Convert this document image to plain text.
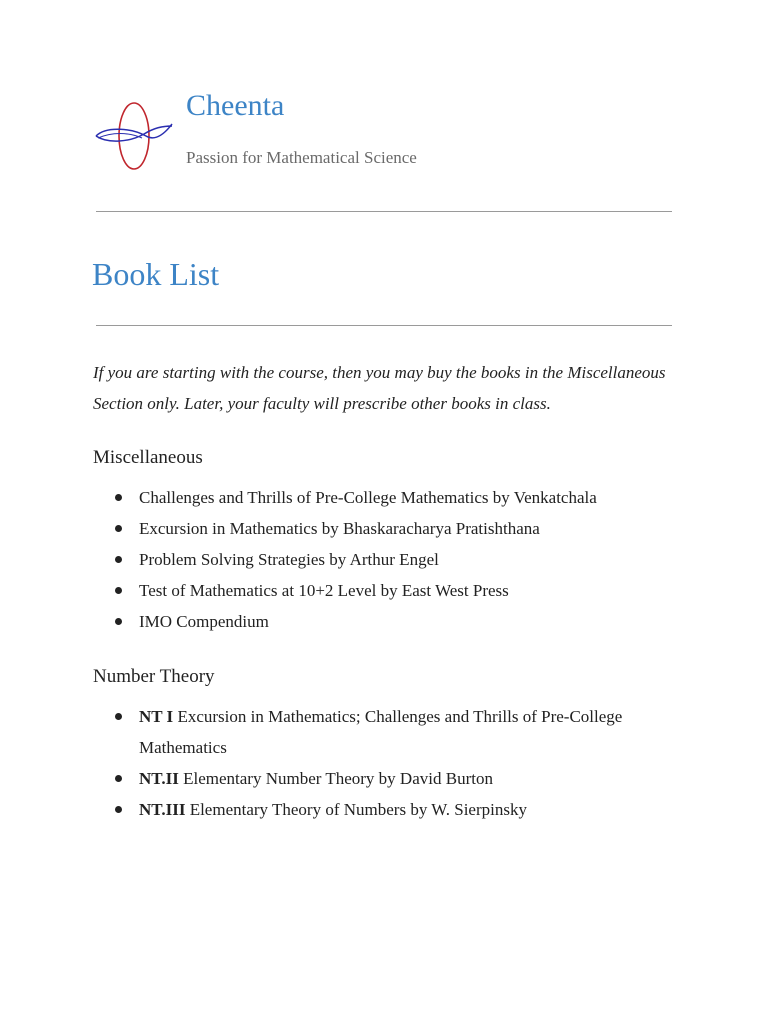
Cheenta
Passion for Mathematical Science
Book List

If you are starting with the course, then you may buy the books in the Miscellaneous Section only. Later, your faculty will prescribe other books in class.

Miscellaneous
Challenges and Thrills of Pre-College Mathematics by Venkatchala
Excursion in Mathematics by Bhaskaracharya Pratishthana
Problem Solving Strategies by Arthur Engel
Test of Mathematics at 10+2 Level by East West Press
IMO Compendium
Number Theory
NT I Excursion in Mathematics; Challenges and Thrills of Pre-College Mathematics
NT.II Elementary Number Theory by David Burton
NT.III Elementary Theory of Numbers by W. Sierpinsky
